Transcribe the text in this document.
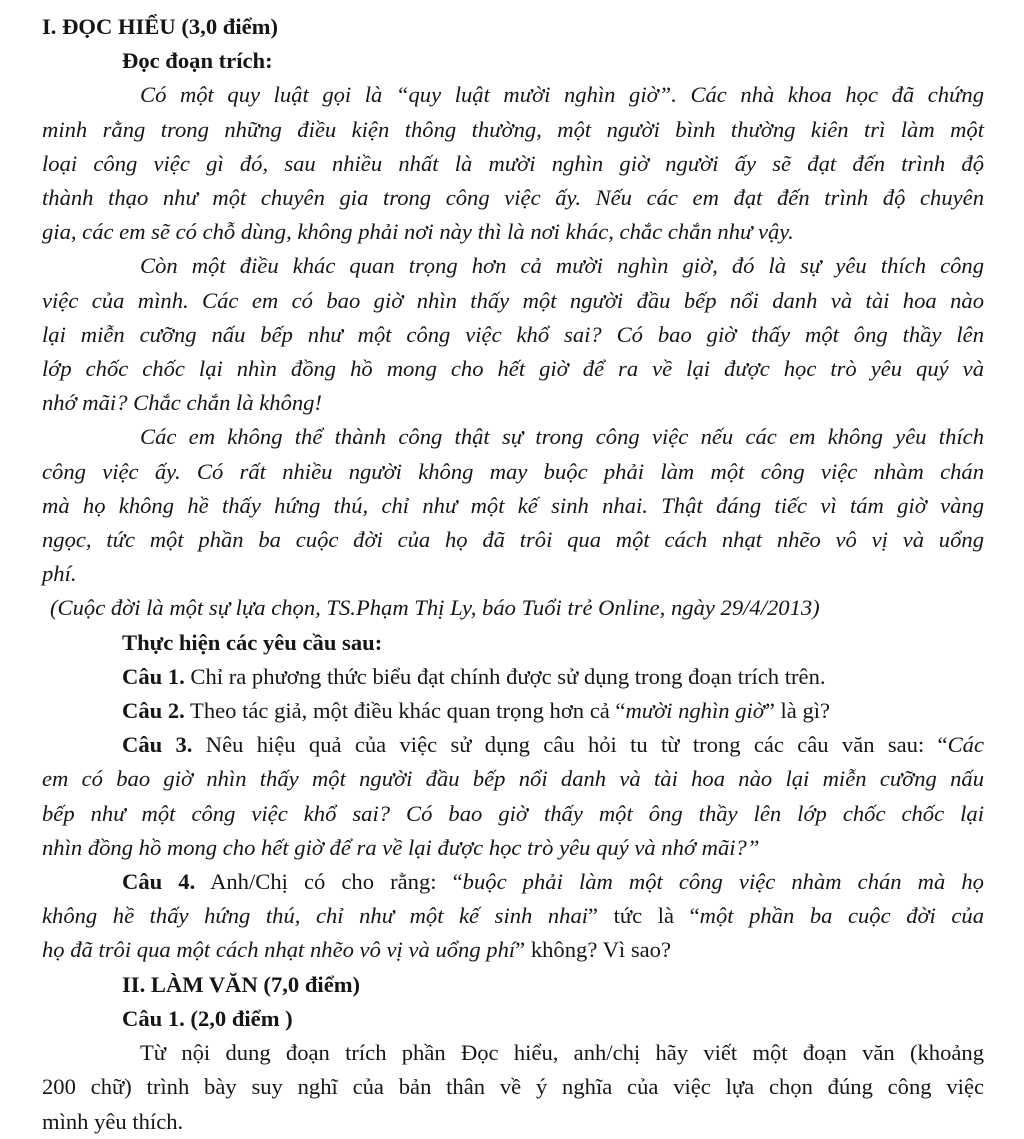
I. ĐỌC HIỂU (3,0 điểm)
Đọc đoạn trích:
Có một quy luật gọi là “quy luật mười nghìn giờ”. Các nhà khoa học đã chứng
minh rằng trong những điều kiện thông thường, một người bình thường kiên trì làm một
loại công việc gì đó, sau nhiều nhất là mười nghìn giờ người ấy sẽ đạt đến trình độ
thành thạo như một chuyên gia trong công việc ấy. Nếu các em đạt đến trình độ chuyên
gia, các em sẽ có chỗ dùng, không phải nơi này thì là nơi khác, chắc chắn như vậy.
Còn một điều khác quan trọng hơn cả mười nghìn giờ, đó là sự yêu thích công
việc của mình. Các em có bao giờ nhìn thấy một người đầu bếp nổi danh và tài hoa nào
lại miễn cưỡng nấu bếp như một công việc khổ sai? Có bao giờ thấy một ông thầy lên
lớp chốc chốc lại nhìn đồng hồ mong cho hết giờ để ra về lại được học trò yêu quý và
nhớ mãi? Chắc chắn là không!
Các em không thể thành công thật sự trong công việc nếu các em không yêu thích
công việc ấy. Có rất nhiều người không may buộc phải làm một công việc nhàm chán
mà họ không hề thấy hứng thú, chỉ như một kế sinh nhai. Thật đáng tiếc vì tám giờ vàng
ngọc, tức một phần ba cuộc đời của họ đã trôi qua một cách nhạt nhẽo vô vị và uổng
phí.
(Cuộc đời là một sự lựa chọn, TS.Phạm Thị Ly, báo Tuổi trẻ Online, ngày 29/4/2013)
Thực hiện các yêu cầu sau:
Câu 1. Chỉ ra phương thức biểu đạt chính được sử dụng trong đoạn trích trên.
Câu 2. Theo tác giả, một điều khác quan trọng hơn cả “mười nghìn giờ” là gì?
Câu 3. Nêu hiệu quả của việc sử dụng câu hỏi tu từ trong các câu văn sau: “Các
em có bao giờ nhìn thấy một người đầu bếp nổi danh và tài hoa nào lại miễn cưỡng nấu
bếp như một công việc khổ sai? Có bao giờ thấy một ông thầy lên lớp chốc chốc lại
nhìn đồng hồ mong cho hết giờ để ra về lại được học trò yêu quý và nhớ mãi?”
Câu 4. Anh/Chị có cho rằng: “buộc phải làm một công việc nhàm chán mà họ
không hề thấy hứng thú, chỉ như một kế sinh nhai” tức là “một phần ba cuộc đời của
họ đã trôi qua một cách nhạt nhẽo vô vị và uổng phí” không? Vì sao?
II. LÀM VĂN (7,0 điểm)
Câu 1. (2,0 điểm )
Từ nội dung đoạn trích phần Đọc hiểu, anh/chị hãy viết một đoạn văn (khoảng
200 chữ) trình bày suy nghĩ của bản thân về ý nghĩa của việc lựa chọn đúng công việc
mình yêu thích.
